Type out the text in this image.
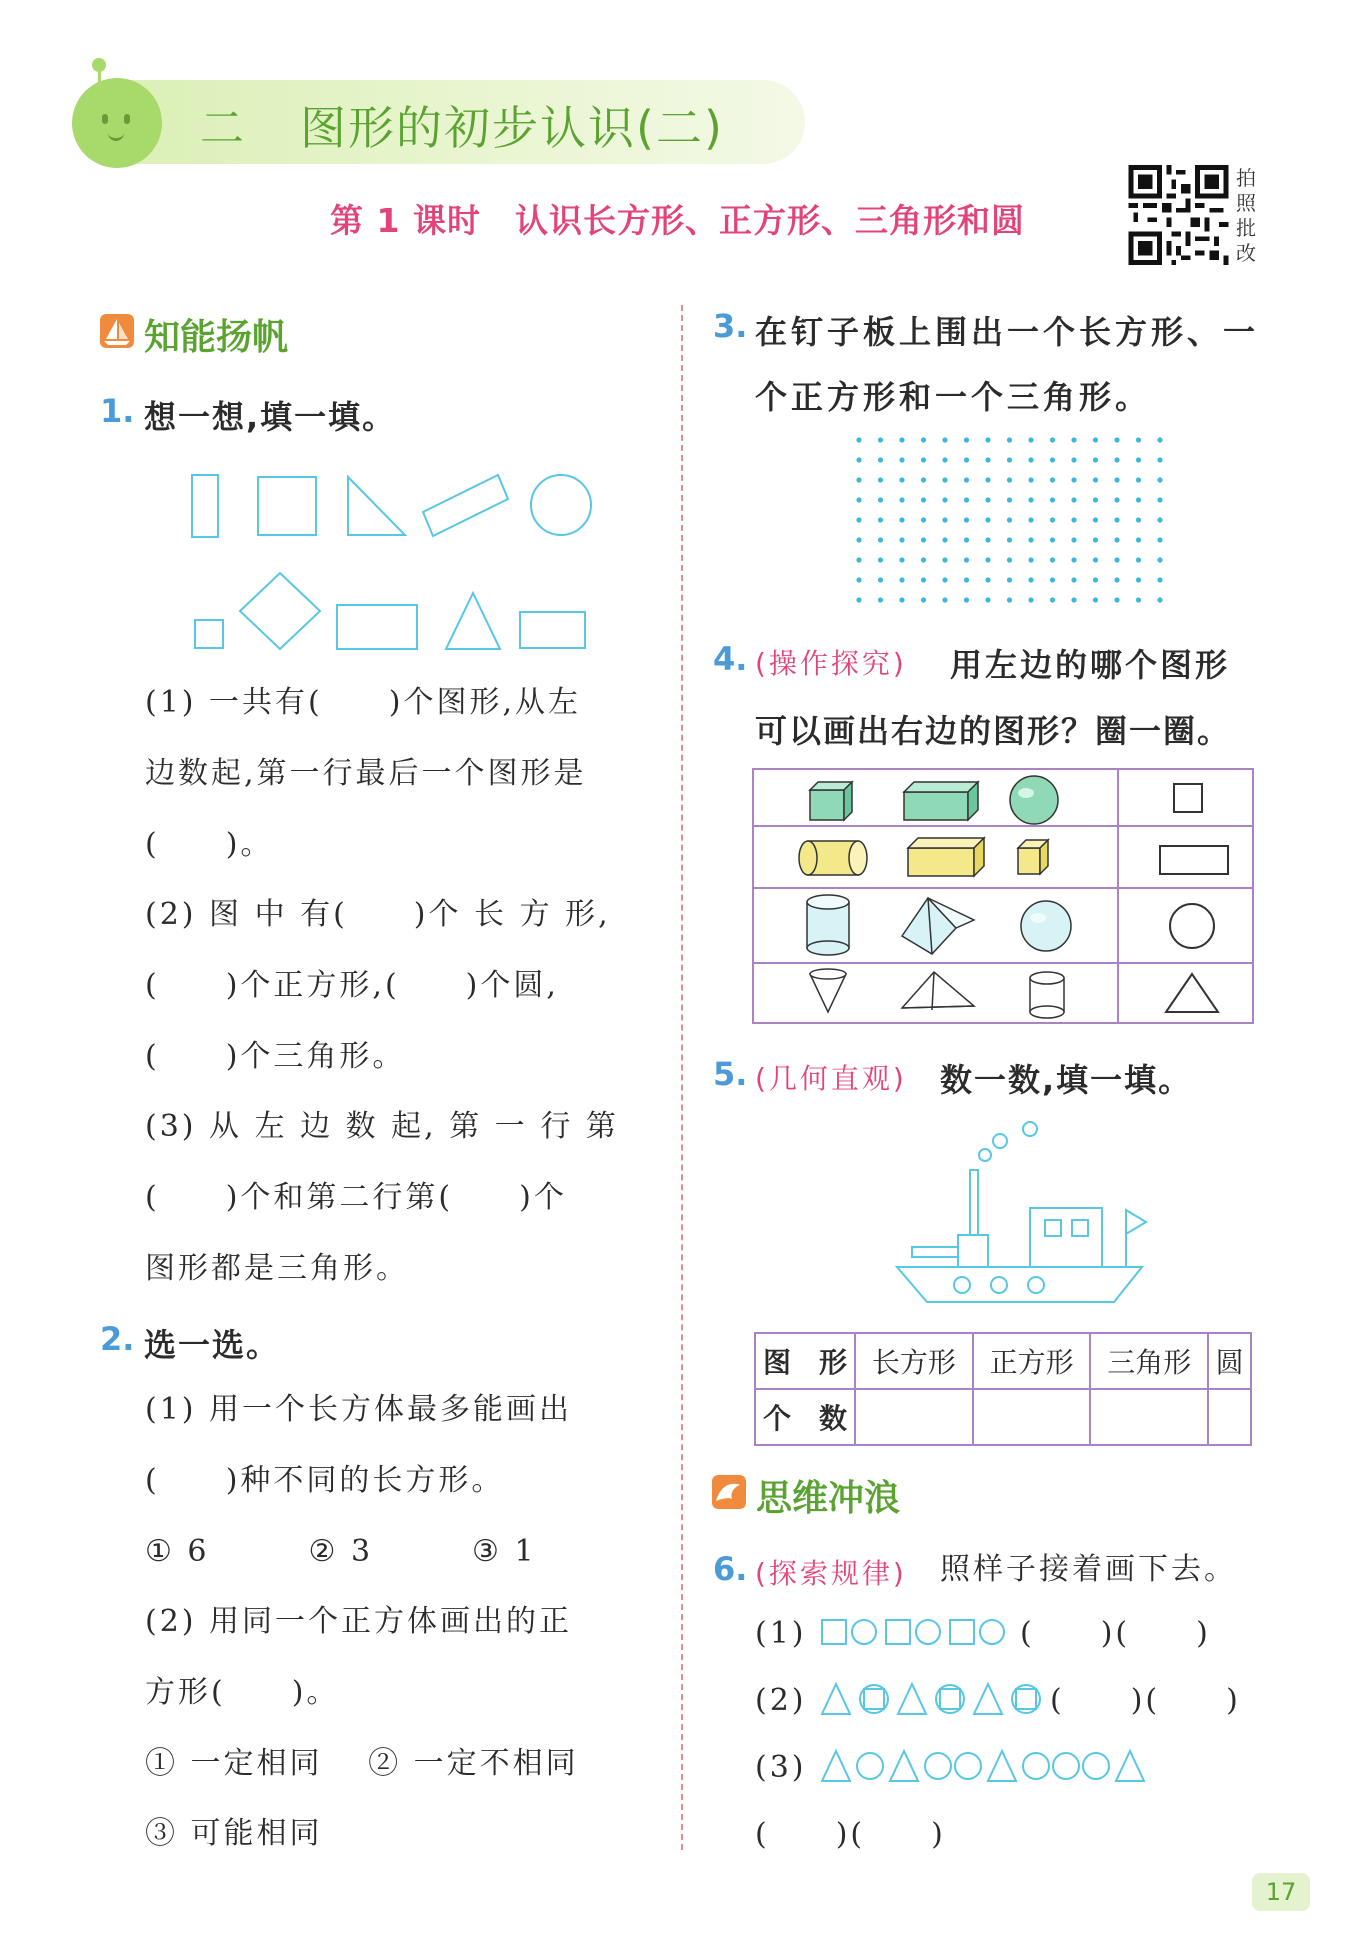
二 图形的初步认识(二)
第 1 课时　认识长方形、正方形、三角形和圆
拍照批改
知能扬帆
1. 想一想,填一填。
(1) 一共有(　　)个图形,从左
边数起,第一行最后一个图形是
(　　)。
(2) 图 中 有(　　)个 长 方 形,
(　　)个正方形,(　　)个圆,
(　　)个三角形。
(3) 从 左 边 数 起, 第 一 行 第
(　　)个和第二行第(　　)个
图形都是三角形。
2. 选一选。
(1) 用一个长方体最多能画出
(　　)种不同的长方形。
① 6　　　② 3　　　③ 1
(2) 用同一个正方体画出的正
方形(　　)。
① 一定相同　 ② 一定不相同
③ 可能相同
3. 在钉子板上围出一个长方形、一
个正方形和一个三角形。
4. (操作探究) 用左边的哪个图形
可以画出右边的图形？圈一圈。
5. (几何直观) 数一数,填一填。
图　形	长方形	正方形	三角形	圆
个　数				
思维冲浪
6. (探索规律) 照样子接着画下去。
(1)	(　　)(　　)
(2)	(　　)(　　)
(3)
(　　)(　　)
17
